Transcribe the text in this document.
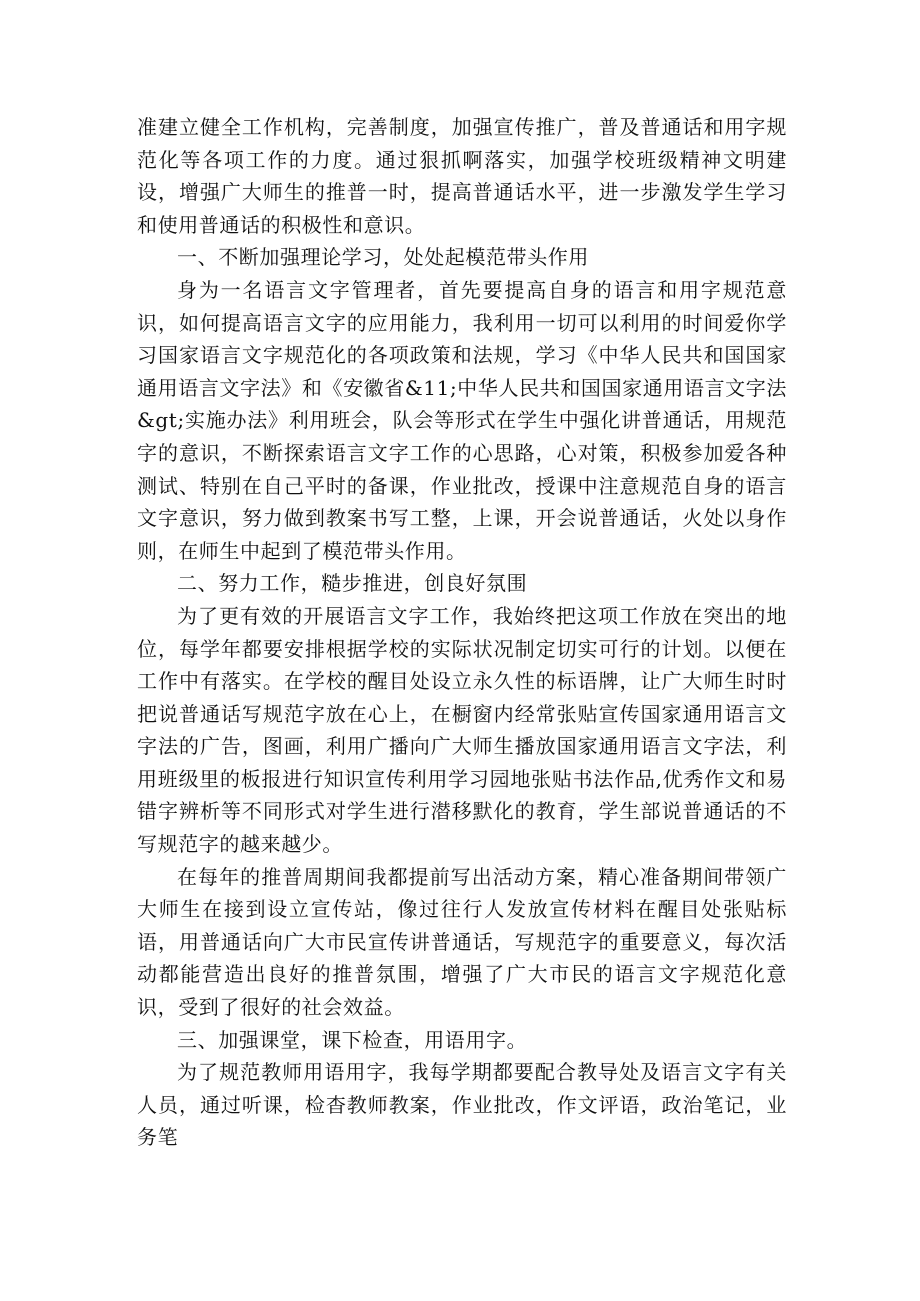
准建立健全工作机构，完善制度，加强宣传推广，普及普通话和用字规范化等各项工作的力度。通过狠抓啊落实，加强学校班级精神文明建设，增强广大师生的推普一时，提高普通话水平，进一步激发学生学习和使用普通话的积极性和意识。

一、不断加强理论学习，处处起模范带头作用

身为一名语言文字管理者，首先要提高自身的语言和用字规范意识，如何提高语言文字的应用能力，我利用一切可以利用的时间爱你学习国家语言文字规范化的各项政策和法规，学习《中华人民共和国国家通用语言文字法》和《安徽省&11;中华人民共和国国家通用语言文字法&gt;实施办法》利用班会，队会等形式在学生中强化讲普通话，用规范字的意识，不断探索语言文字工作的心思路，心对策，积极参加爱各种测试、特别在自己平时的备课，作业批改，授课中注意规范自身的语言文字意识，努力做到教案书写工整，上课，开会说普通话，火处以身作则，在师生中起到了模范带头作用。

二、努力工作，糙步推进，创良好氛围

为了更有效的开展语言文字工作，我始终把这项工作放在突出的地位，每学年都要安排根据学校的实际状况制定切实可行的计划。以便在工作中有落实。在学校的醒目处设立永久性的标语牌，让广大师生时时把说普通话写规范字放在心上，在橱窗内经常张贴宣传国家通用语言文字法的广告，图画，利用广播向广大师生播放国家通用语言文字法，利用班级里的板报进行知识宣传利用学习园地张贴书法作品,优秀作文和易错字辨析等不同形式对学生进行潜移默化的教育，学生部说普通话的不写规范字的越来越少。

在每年的推普周期间我都提前写出活动方案，精心准备期间带领广大师生在接到设立宣传站，像过往行人发放宣传材料在醒目处张贴标语，用普通话向广大市民宣传讲普通话，写规范字的重要意义，每次活动都能营造出良好的推普氛围，增强了广大市民的语言文字规范化意识，受到了很好的社会效益。

三、加强课堂，课下检查，用语用字。

为了规范教师用语用字，我每学期都要配合教导处及语言文字有关人员，通过听课，检杳教师教案，作业批改，作文评语，政治笔记，业务笔
